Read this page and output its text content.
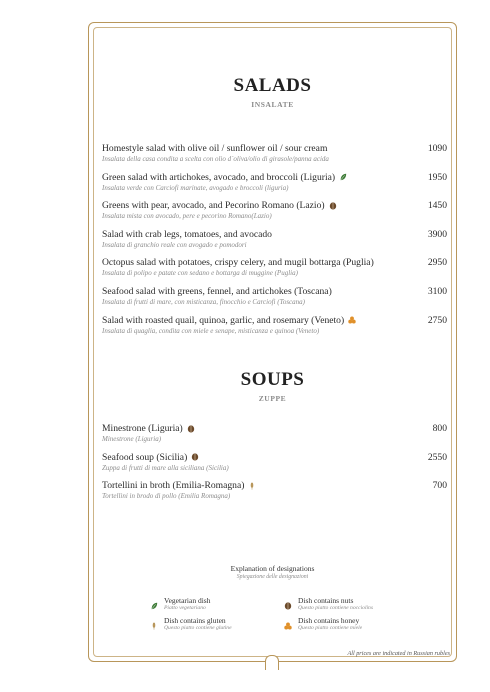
SALADS
INSALATE
Homestyle salad with olive oil / sunflower oil / sour cream
Insalata della casa condita a scelta con olio d`oliva/olio di girasole/panna acida
1090
Green salad with artichokes, avocado, and broccoli (Liguria)
Insalata verde con Carciofi marinate, avogado e broccoli (liguria)
1950
Greens with pear, avocado, and Pecorino Romano (Lazio)
Insalata mista con avocado, pere e pecorino Romano(Lazio)
1450
Salad with crab legs, tomatoes, and avocado
Insalata di granchio reale con avogado e pomodori
3900
Octopus salad with potatoes, crispy celery, and mugil bottarga (Puglia)
Insalata di polipo e patate con sedano e bottarga di muggine (Puglia)
2950
Seafood salad with greens, fennel, and artichokes (Toscana)
Insalata di frutti di mare, con misticanza, finocchio e Carciofi (Toscana)
3100
Salad with roasted quail, quinoa, garlic, and rosemary (Veneto)
Insalata di quaglia, condita con miele e senape, misticanza e quinoa (Veneto)
2750
SOUPS
ZUPPE
Minestrone (Liguria)
Minestrone (Liguria)
800
Seafood soup (Sicilia)
Zuppa di frutti di mare alla siciliana (Sicilia)
2550
Tortellini in broth (Emilia-Romagna)
Tortellini in brodo di pollo (Emilia Romagna)
700
Explanation of designations
Spiegazione delle designazioni
Vegetarian dish
Piatto vegetariano
Dish contains nuts
Questo piatto contiene nocciolins
Dish contains gluten
Questo piatto contiene glutine
Dish contains honey
Questo piatto contiene miele
All prices are indicated in Russian rubles
